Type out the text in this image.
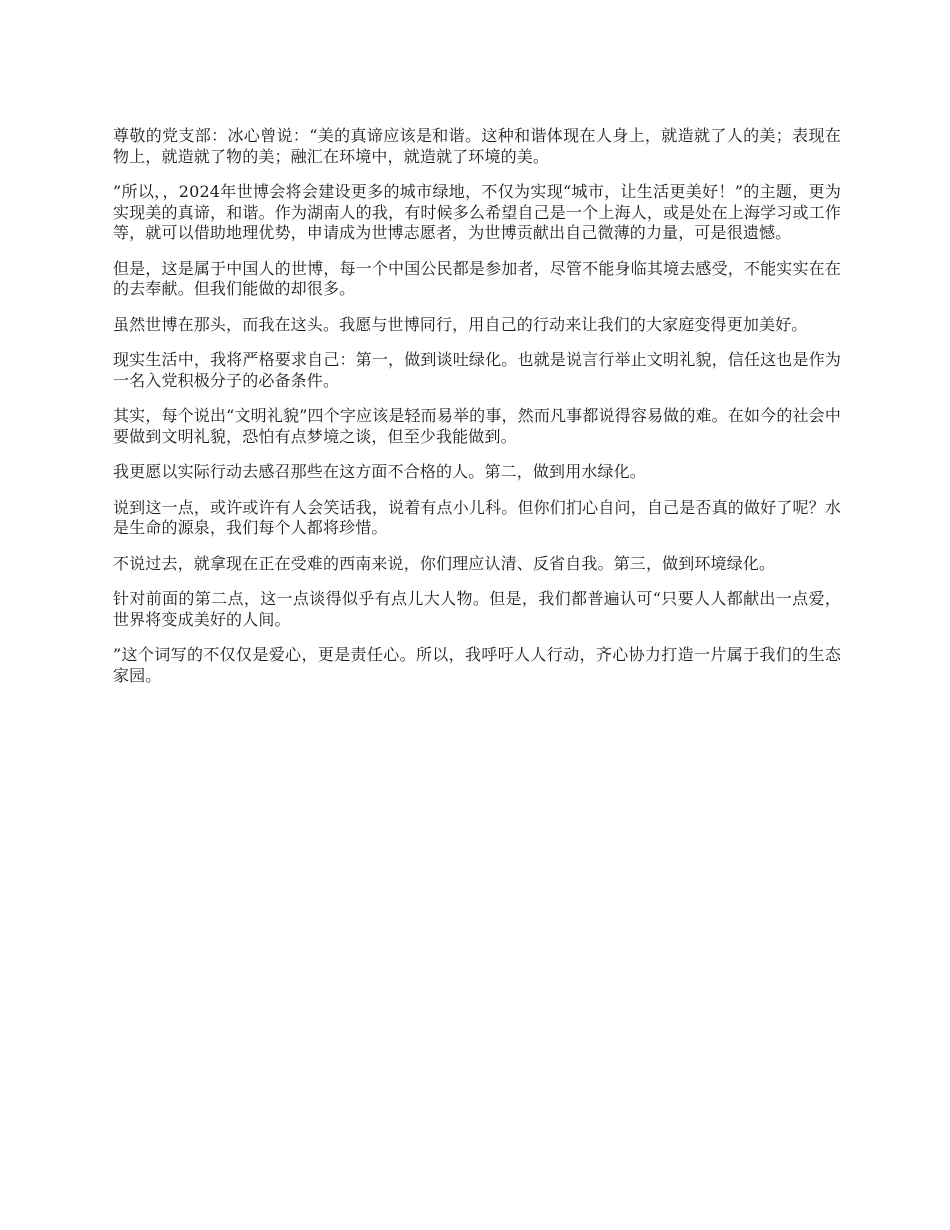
尊敬的党支部：冰心曾说：“美的真谛应该是和谐。这种和谐体现在人身上，就造就了人的美；表现在物上，就造就了物的美；融汇在环境中，就造就了环境的美。

”所以，，2024年世博会将会建设更多的城市绿地，不仅为实现“城市，让生活更美好！”的主题，更为实现美的真谛，和谐。作为湖南人的我，有时候多么希望自己是一个上海人，或是处在上海学习或工作等，就可以借助地理优势，申请成为世博志愿者，为世博贡献出自己微薄的力量，可是很遗憾。

但是，这是属于中国人的世博，每一个中国公民都是参加者，尽管不能身临其境去感受，不能实实在在的去奉献。但我们能做的却很多。

虽然世博在那头，而我在这头。我愿与世博同行，用自己的行动来让我们的大家庭变得更加美好。

现实生活中，我将严格要求自己：第一，做到谈吐绿化。也就是说言行举止文明礼貌，信任这也是作为一名入党积极分子的必备条件。

其实，每个说出“文明礼貌”四个字应该是轻而易举的事，然而凡事都说得容易做的难。在如今的社会中要做到文明礼貌，恐怕有点梦境之谈，但至少我能做到。

我更愿以实际行动去感召那些在这方面不合格的人。第二，做到用水绿化。

说到这一点，或许或许有人会笑话我，说着有点小儿科。但你们扪心自问，自己是否真的做好了呢？水是生命的源泉，我们每个人都将珍惜。

不说过去，就拿现在正在受难的西南来说，你们理应认清、反省自我。第三，做到环境绿化。

针对前面的第二点，这一点谈得似乎有点儿大人物。但是，我们都普遍认可“只要人人都献出一点爱，世界将变成美好的人间。

”这个词写的不仅仅是爱心，更是责任心。所以，我呼吁人人行动，齐心协力打造一片属于我们的生态家园。
